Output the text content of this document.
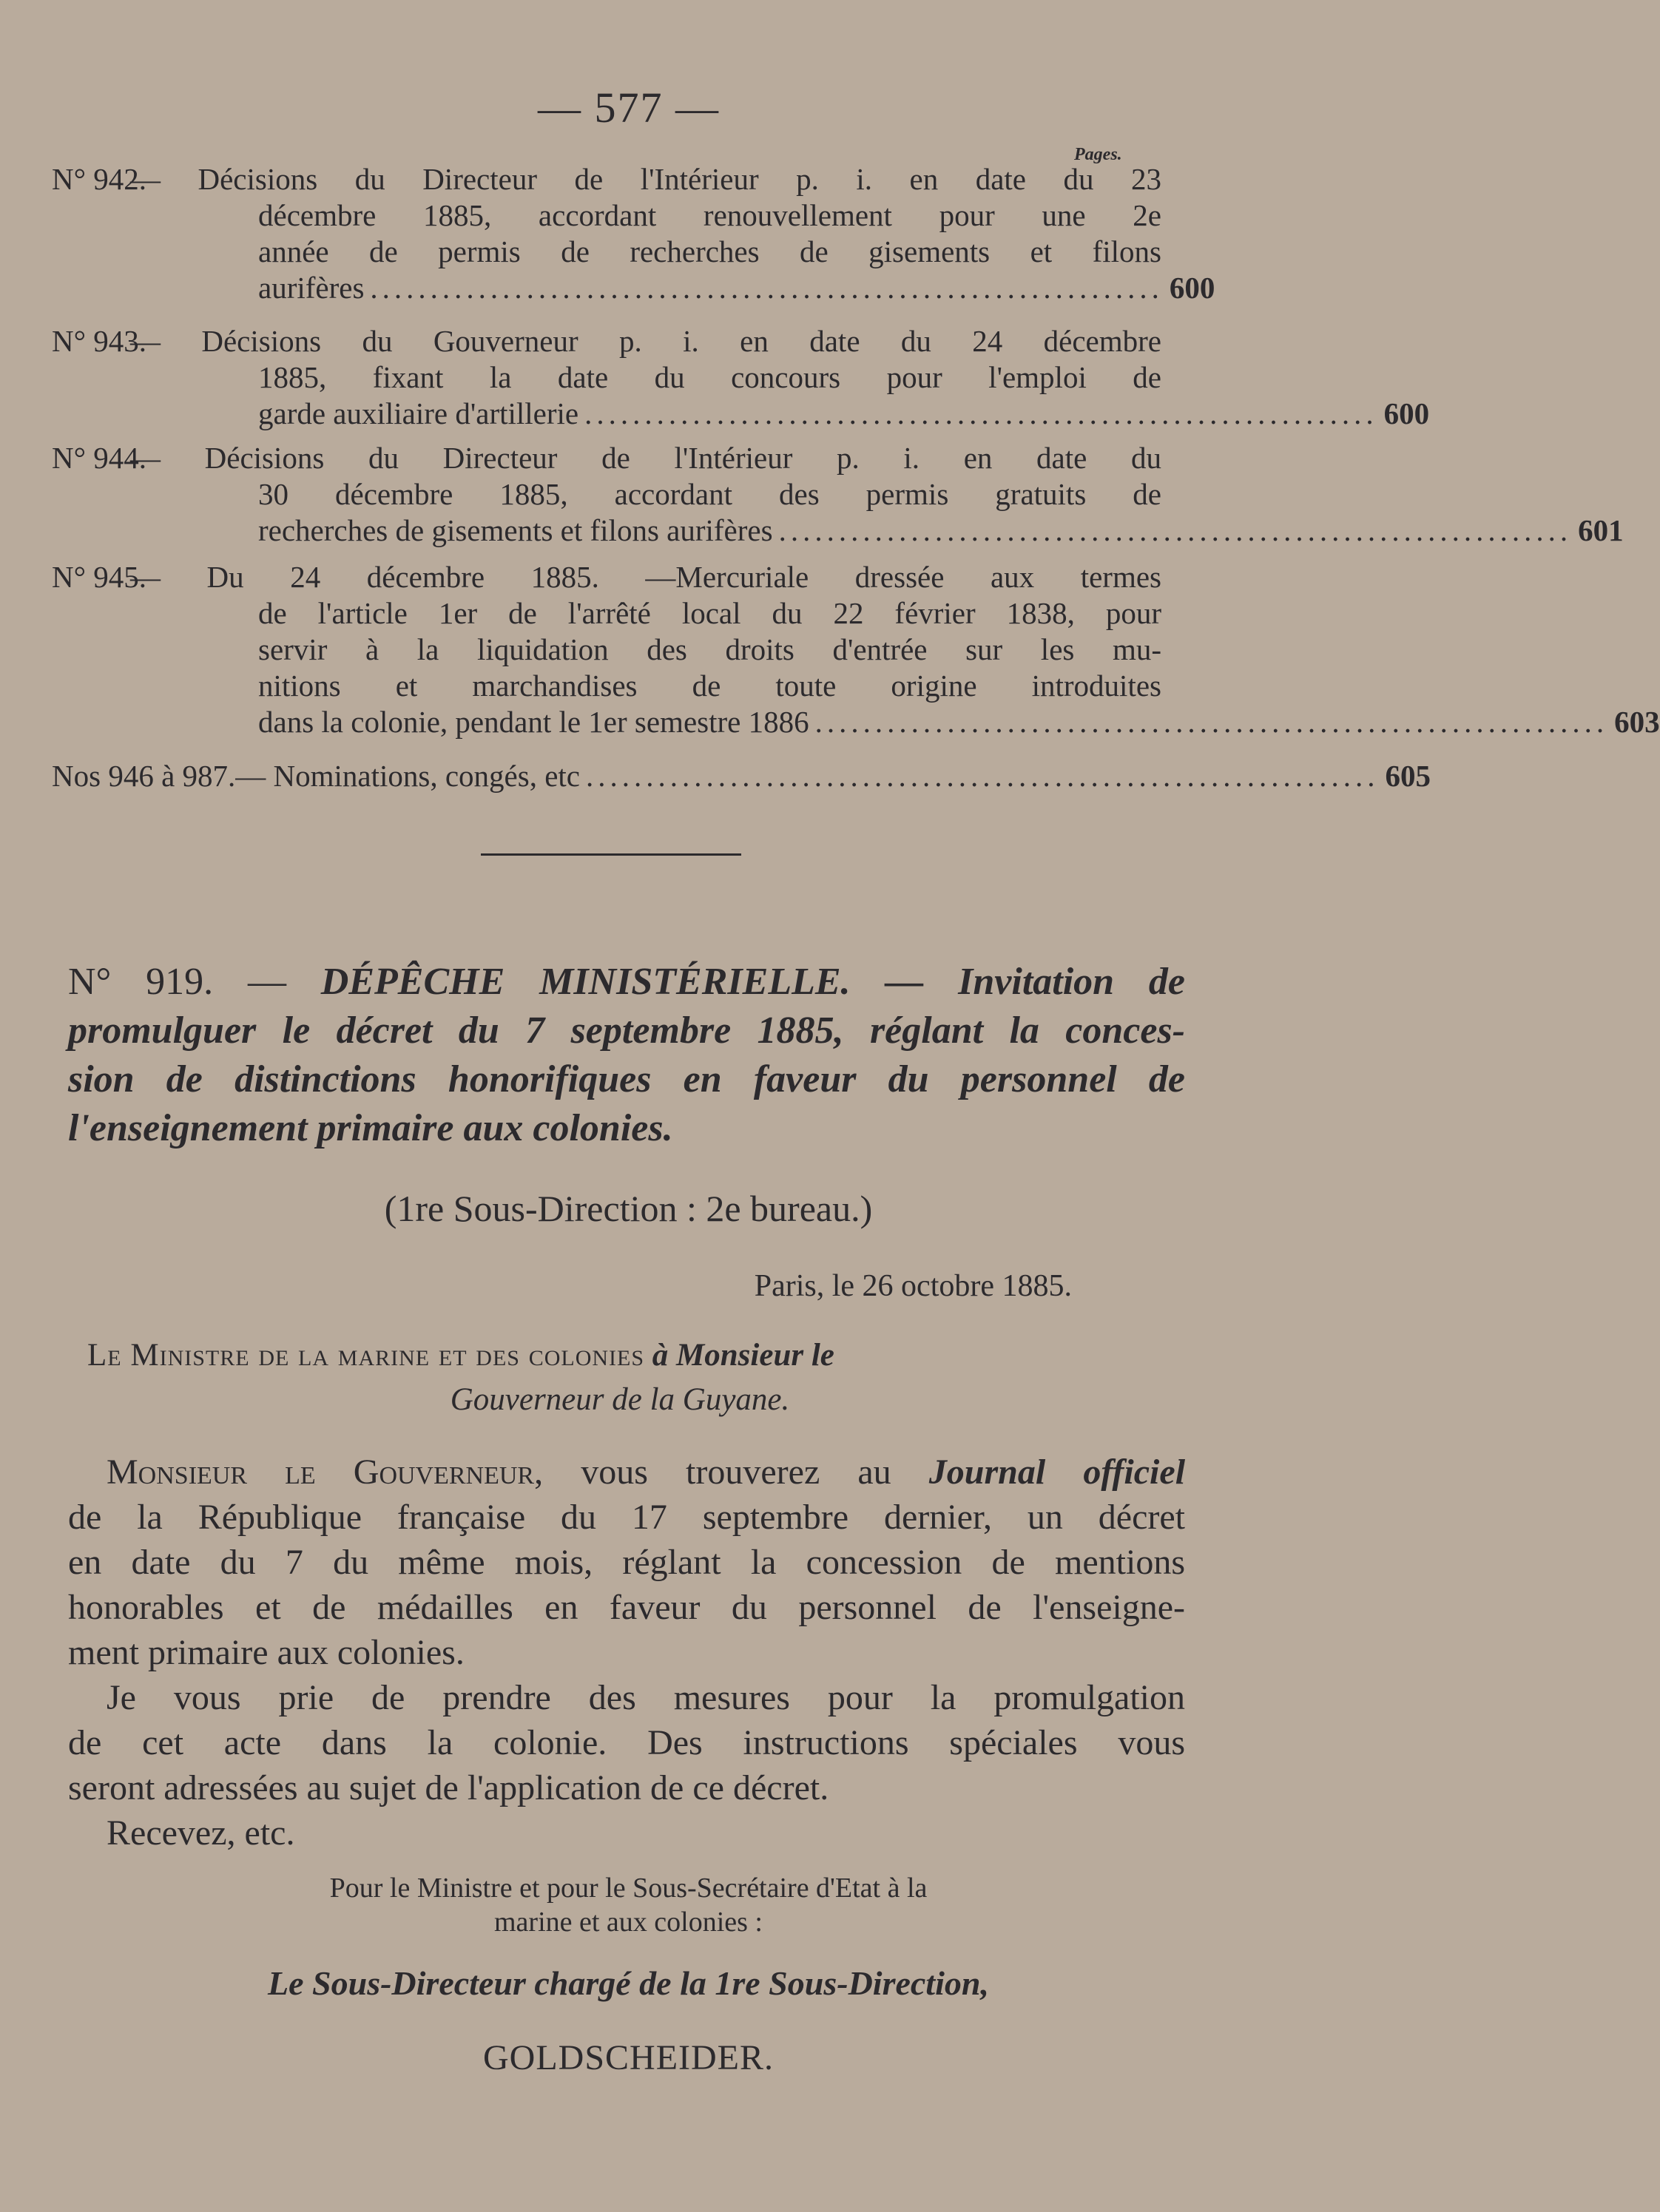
— 577 —
Pages.
N° 942.
— Décisions du Directeur de l'Intérieur p. i. en date du 23
décembre 1885, accordant renouvellement pour une 2e
année de permis de recherches de gisements et filons
aurifères .................................................................. 600
N° 943.
— Décisions du Gouverneur p. i. en date du 24 décembre
1885, fixant la date du concours pour l'emploi de
garde auxiliaire d'artillerie .................................................................. 600
N° 944.
— Décisions du Directeur de l'Intérieur p. i. en date du
30 décembre 1885, accordant des permis gratuits de
recherches de gisements et filons aurifères .................................................................. 601
N° 945.
— Du 24 décembre 1885. —Mercuriale dressée aux termes
de l'article 1er de l'arrêté local du 22 février 1838, pour
servir à la liquidation des droits d'entrée sur les mu-
nitions et marchandises de toute origine introduites
dans la colonie, pendant le 1er semestre 1886 .................................................................. 603
Nos 946 à 987. — Nominations, congés, etc .................................................................. 605
N° 919. — DÉPÊCHE MINISTÉRIELLE. — Invitation de
promulguer le décret du 7 septembre 1885, réglant la conces-
sion de distinctions honorifiques en faveur du personnel de
l'enseignement primaire aux colonies.
(1re Sous-Direction : 2e bureau.)
Paris, le 26 octobre 1885.
Le Ministre de la marine et des colonies à Monsieur le
Gouverneur de la Guyane.
Monsieur le Gouverneur, vous trouverez au Journal officiel
de la République française du 17 septembre dernier, un décret
en date du 7 du même mois, réglant la concession de mentions
honorables et de médailles en faveur du personnel de l'enseigne-
ment primaire aux colonies.
Je vous prie de prendre des mesures pour la promulgation
de cet acte dans la colonie. Des instructions spéciales vous
seront adressées au sujet de l'application de ce décret.
Recevez, etc.
Pour le Ministre et pour le Sous-Secrétaire d'Etat à la
marine et aux colonies :
Le Sous-Directeur chargé de la 1re Sous-Direction,
GOLDSCHEIDER.
